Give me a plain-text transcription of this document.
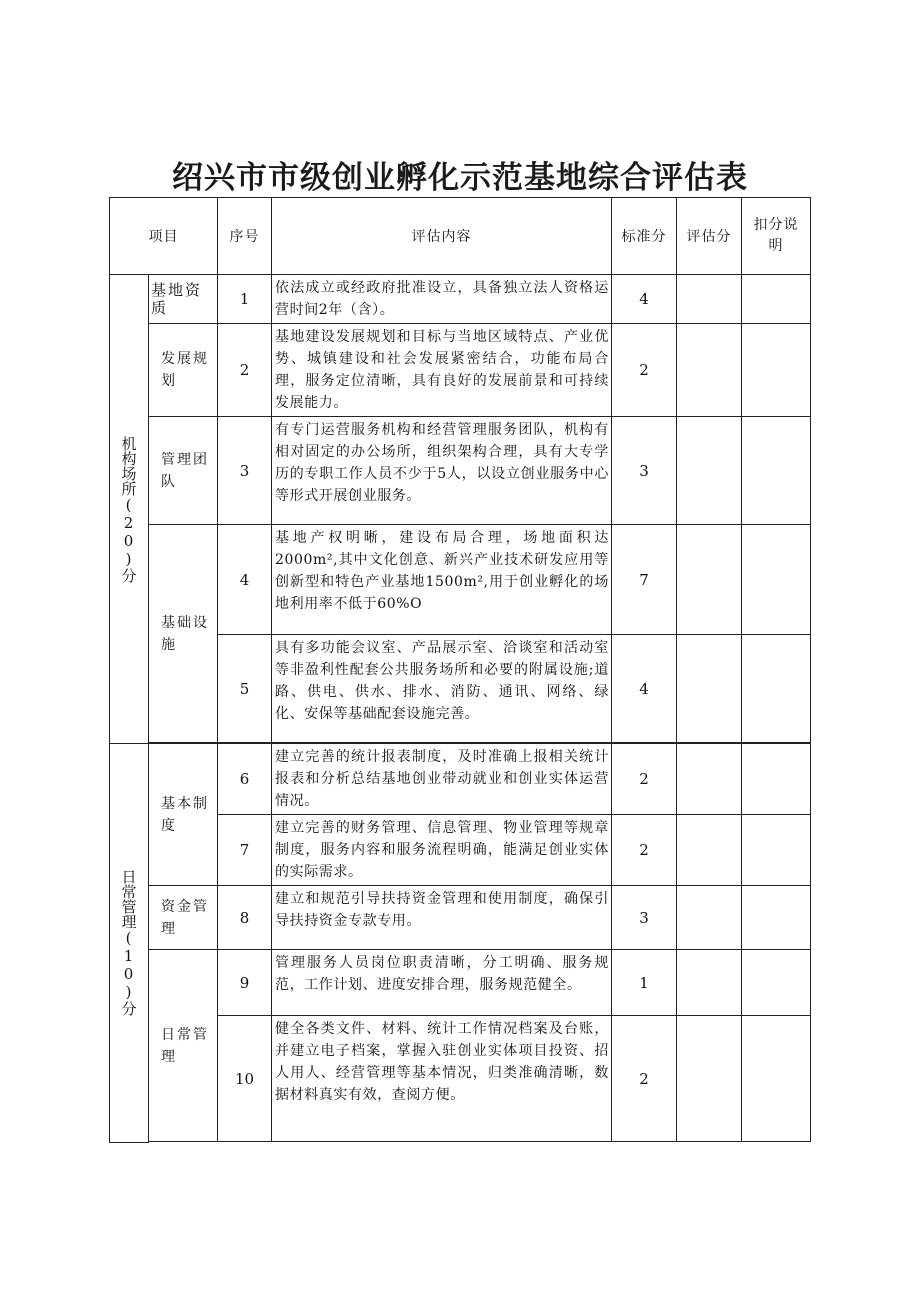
绍兴市市级创业孵化示范基地综合评估表
项目		序号	评估内容	标准分	评估分	扣分说明

机构场所(20)分	基地资质	1	依法成立或经政府批准设立，具备独立法人资格运营时间2年（含）。	4		
	发展规划	2	基地建设发展规划和目标与当地区域特点、产业优势、城镇建设和社会发展紧密结合，功能布局合理，服务定位清晰，具有良好的发展前景和可持续发展能力。	2		
	管理团队	3	有专门运营服务机构和经营管理服务团队，机构有相对固定的办公场所，组织架构合理，具有大专学历的专职工作人员不少于5人，以设立创业服务中心等形式开展创业服务。	3		
	基础设施	4	基地产权明晰，建设布局合理，场地面积达2000m²,其中文化创意、新兴产业技术研发应用等创新型和特色产业基地1500m²,用于创业孵化的场地利用率不低于60%O	7		
		5	具有多功能会议室、产品展示室、洽谈室和活动室等非盈利性配套公共服务场所和必要的附属设施;道路、供电、供水、排水、消防、通讯、网络、绿化、安保等基础配套设施完善。	4		

日常管理(10)分	基本制度	6	建立完善的统计报表制度，及时准确上报相关统计报表和分析总结基地创业带动就业和创业实体运营情况。	2		
		7	建立完善的财务管理、信息管理、物业管理等规章制度，服务内容和服务流程明确，能满足创业实体的实际需求。	2		
	资金管理	8	建立和规范引导扶持资金管理和使用制度，确保引导扶持资金专款专用。	3		
	日常管理	9	管理服务人员岗位职责清晰，分工明确、服务规范，工作计划、进度安排合理，服务规范健全。	1		
		10	健全各类文件、材料、统计工作情况档案及台账，并建立电子档案，掌握入驻创业实体项目投资、招人用人、经营管理等基本情况，归类准确清晰，数据材料真实有效，查阅方便。	2		
